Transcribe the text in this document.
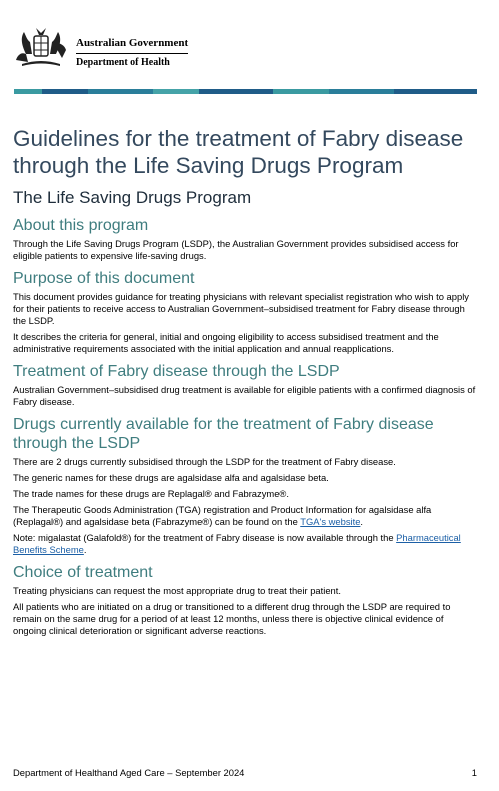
Australian Government
Department of Health
Guidelines for the treatment of Fabry disease through the Life Saving Drugs Program
The Life Saving Drugs Program
About this program

Through the Life Saving Drugs Program (LSDP), the Australian Government provides subsidised access for eligible patients to expensive life-saving drugs.

Purpose of this document

This document provides guidance for treating physicians with relevant specialist registration who wish to apply for their patients to receive access to Australian Government–subsidised treatment for Fabry disease through the LSDP.

It describes the criteria for general, initial and ongoing eligibility to access subsidised treatment and the administrative requirements associated with the initial application and annual reapplications.

Treatment of Fabry disease through the LSDP

Australian Government–subsidised drug treatment is available for eligible patients with a confirmed diagnosis of Fabry disease.

Drugs currently available for the treatment of Fabry disease through the LSDP

There are 2 drugs currently subsidised through the LSDP for the treatment of Fabry disease.

The generic names for these drugs are agalsidase alfa and agalsidase beta.

The trade names for these drugs are Replagal® and Fabrazyme®.

The Therapeutic Goods Administration (TGA) registration and Product Information for agalsidase alfa (Replagal®) and agalsidase beta (Fabrazyme®) can be found on the TGA's website.

Note: migalastat (Galafold®) for the treatment of Fabry disease is now available through the Pharmaceutical Benefits Scheme.

Choice of treatment

Treating physicians can request the most appropriate drug to treat their patient.

All patients who are initiated on a drug or transitioned to a different drug through the LSDP are required to remain on the same drug for a period of at least 12 months, unless there is objective clinical evidence of ongoing clinical deterioration or significant adverse reactions.

Department of Healthand Aged Care – September 2024	1
